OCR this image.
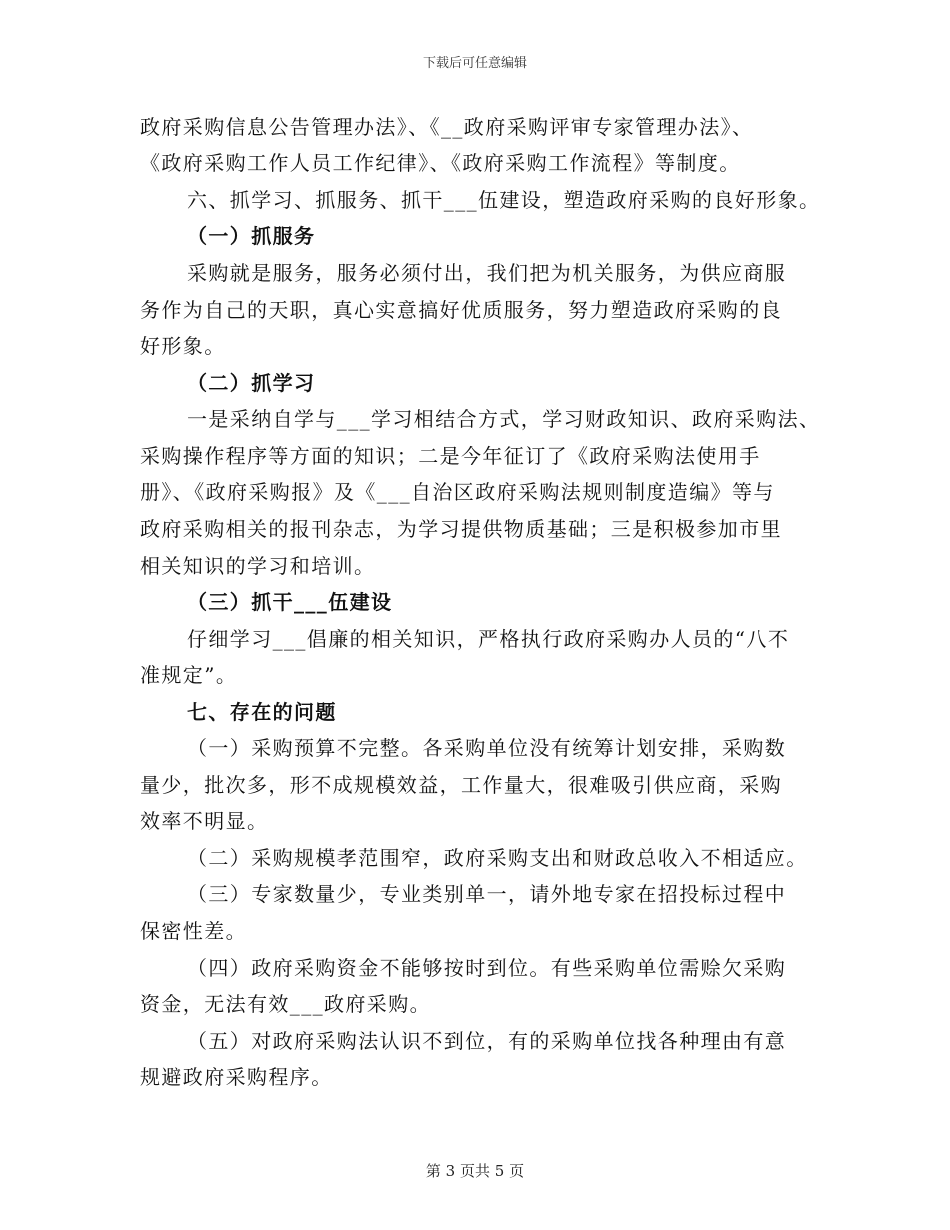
下载后可任意编辑
政府采购信息公告管理办法》、《__政府采购评审专家管理办法》、
《政府采购工作人员工作纪律》、《政府采购工作流程》等制度。
六、抓学习、抓服务、抓干___伍建设，塑造政府采购的良好形象。
（一）抓服务
采购就是服务，服务必须付出，我们把为机关服务，为供应商服
务作为自己的天职，真心实意搞好优质服务，努力塑造政府采购的良
好形象。
（二）抓学习
一是采纳自学与___学习相结合方式，学习财政知识、政府采购法、
采购操作程序等方面的知识；二是今年征订了《政府采购法使用手
册》、《政府采购报》及《___自治区政府采购法规则制度造编》等与
政府采购相关的报刊杂志，为学习提供物质基础；三是积极参加市里
相关知识的学习和培训。
（三）抓干___伍建设
仔细学习___倡廉的相关知识，严格执行政府采购办人员的“八不
准规定”。
七、存在的问题
（一）采购预算不完整。各采购单位没有统筹计划安排，采购数
量少，批次多，形不成规模效益，工作量大，很难吸引供应商，采购
效率不明显。
（二）采购规模孝范围窄，政府采购支出和财政总收入不相适应。
（三）专家数量少，专业类别单一，请外地专家在招投标过程中
保密性差。
（四）政府采购资金不能够按时到位。有些采购单位需赊欠采购
资金，无法有效___政府采购。
（五）对政府采购法认识不到位，有的采购单位找各种理由有意
规避政府采购程序。
第 3 页共 5 页
